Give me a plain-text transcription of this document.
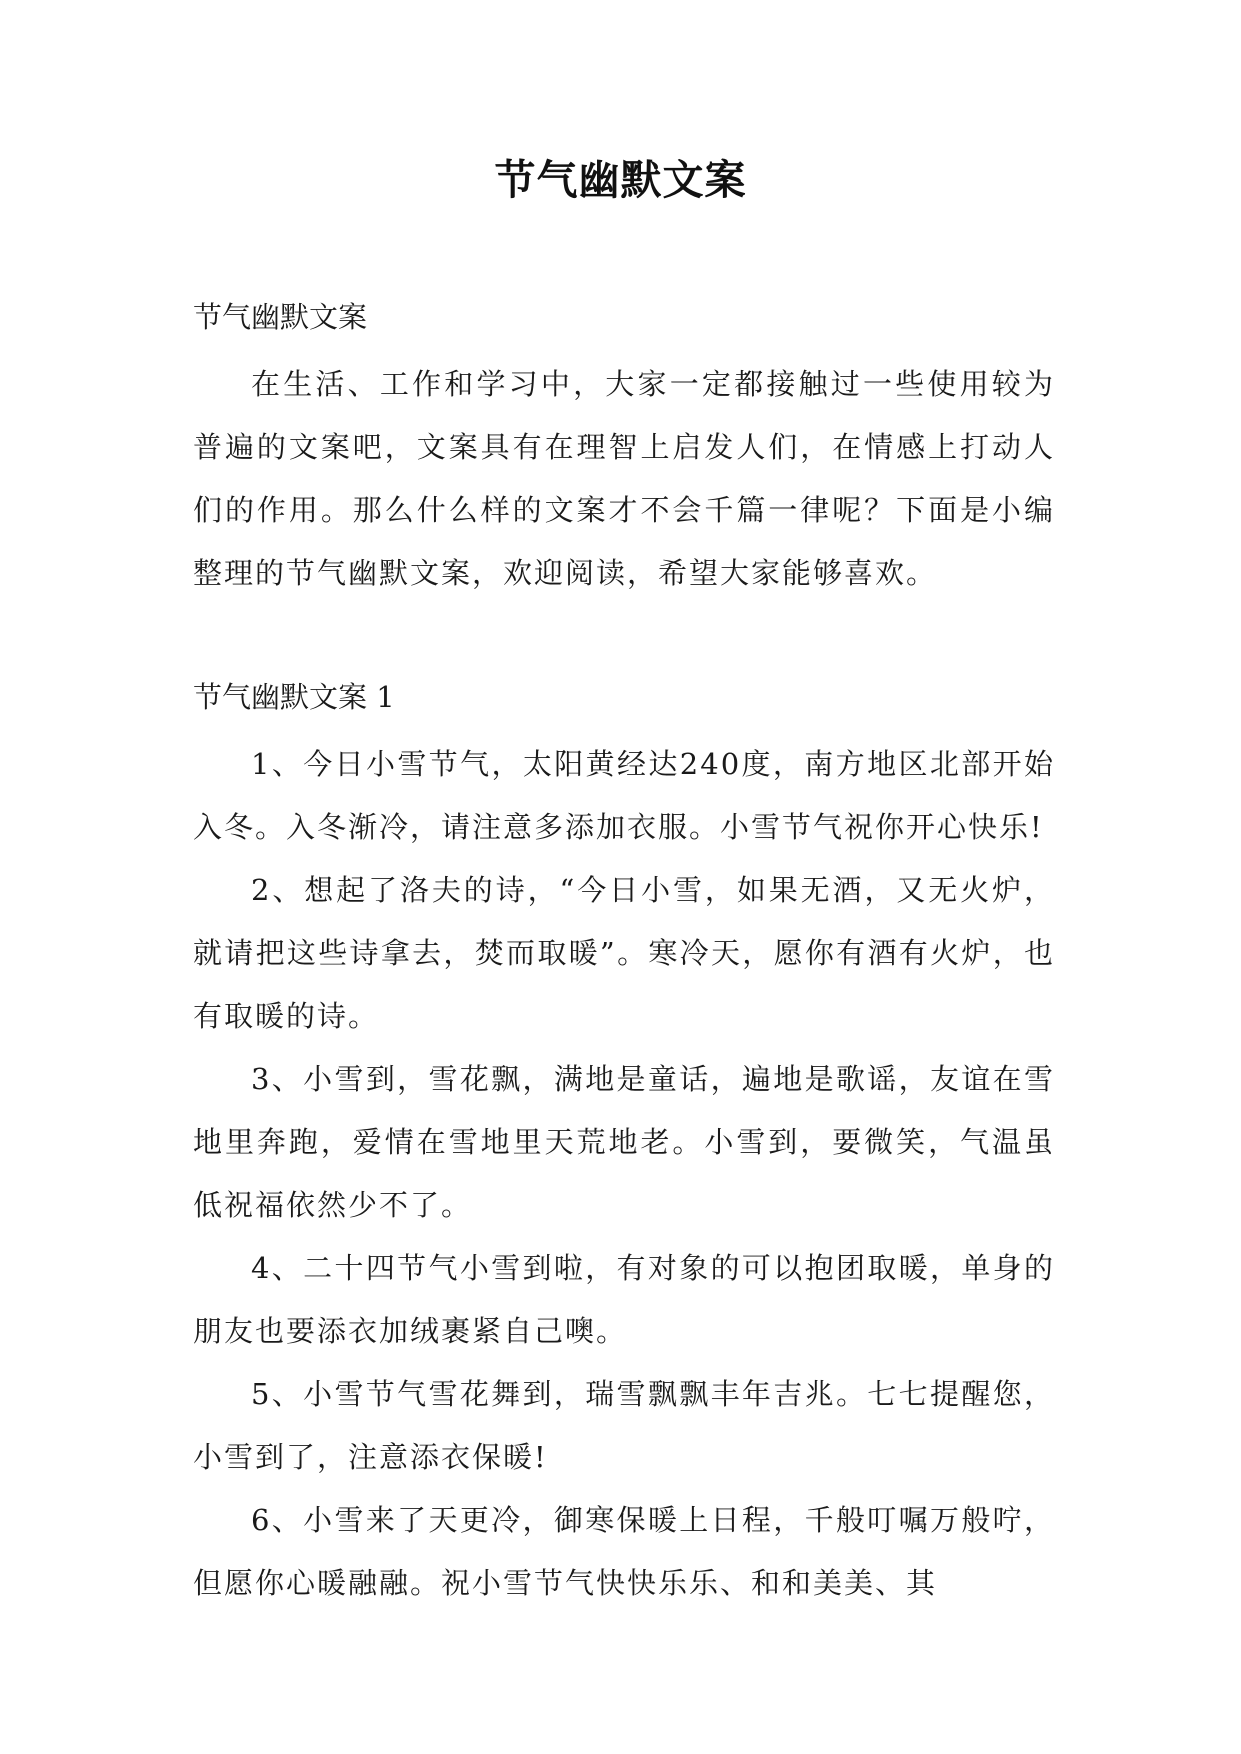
节气幽默文案

节气幽默文案

在生活、工作和学习中，大家一定都接触过一些使用较为普遍的文案吧，文案具有在理智上启发人们，在情感上打动人们的作用。那么什么样的文案才不会千篇一律呢？下面是小编整理的节气幽默文案，欢迎阅读，希望大家能够喜欢。

节气幽默文案 1

1、今日小雪节气，太阳黄经达240度，南方地区北部开始入冬。入冬渐冷，请注意多添加衣服。小雪节气祝你开心快乐!

2、想起了洛夫的诗，“今日小雪，如果无酒，又无火炉，就请把这些诗拿去，焚而取暖”。寒冷天，愿你有酒有火炉，也有取暖的诗。

3、小雪到，雪花飘，满地是童话，遍地是歌谣，友谊在雪地里奔跑，爱情在雪地里天荒地老。小雪到，要微笑，气温虽低祝福依然少不了。

4、二十四节气小雪到啦，有对象的可以抱团取暖，单身的朋友也要添衣加绒裹紧自己噢。

5、小雪节气雪花舞到，瑞雪飘飘丰年吉兆。七七提醒您，小雪到了，注意添衣保暖!

6、小雪来了天更冷，御寒保暖上日程，千般叮嘱万般咛，但愿你心暖融融。祝小雪节气快快乐乐、和和美美、其
